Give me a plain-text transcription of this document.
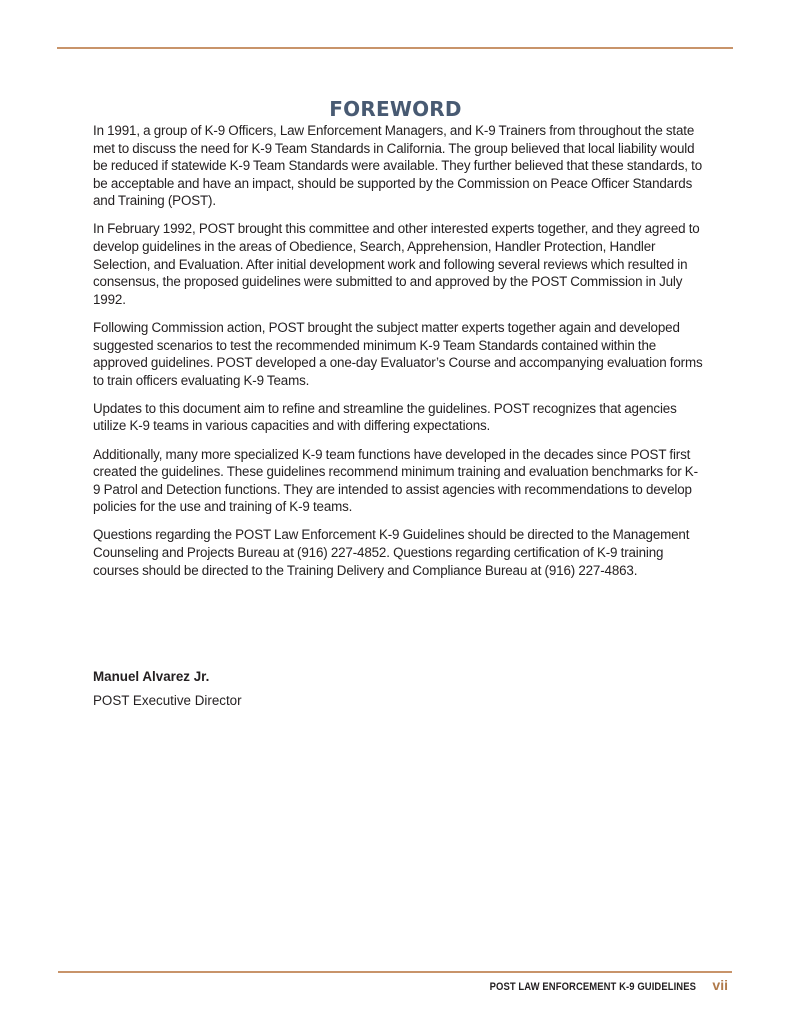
FOREWORD

In 1991, a group of K-9 Officers, Law Enforcement Managers, and K-9 Trainers from throughout the state met to discuss the need for K-9 Team Standards in California. The group believed that local liability would be reduced if statewide K-9 Team Standards were available. They further believed that these standards, to be acceptable and have an impact, should be supported by the Commission on Peace Officer Standards and Training (POST).

In February 1992, POST brought this committee and other interested experts together, and they agreed to develop guidelines in the areas of Obedience, Search, Apprehension, Handler Protection, Handler Selection, and Evaluation. After initial development work and following several reviews which resulted in consensus, the proposed guidelines were submitted to and approved by the POST Commission in July 1992.

Following Commission action, POST brought the subject matter experts together again and developed suggested scenarios to test the recommended minimum K-9 Team Standards contained within the approved guidelines. POST developed a one-day Evaluator’s Course and accompanying evaluation forms to train officers evaluating K-9 Teams.

Updates to this document aim to refine and streamline the guidelines. POST recognizes that agencies utilize K-9 teams in various capacities and with differing expectations.

Additionally, many more specialized K-9 team functions have developed in the decades since POST first created the guidelines. These guidelines recommend minimum training and evaluation benchmarks for K-9 Patrol and Detection functions. They are intended to assist agencies with recommendations to develop policies for the use and training of K-9 teams.

Questions regarding the POST Law Enforcement K-9 Guidelines should be directed to the Management Counseling and Projects Bureau at (916) 227-4852. Questions regarding certification of K-9 training courses should be directed to the Training Delivery and Compliance Bureau at (916) 227-4863.

Manuel Alvarez Jr.
POST Executive Director
POST LAW ENFORCEMENT K-9 GUIDELINES vii
